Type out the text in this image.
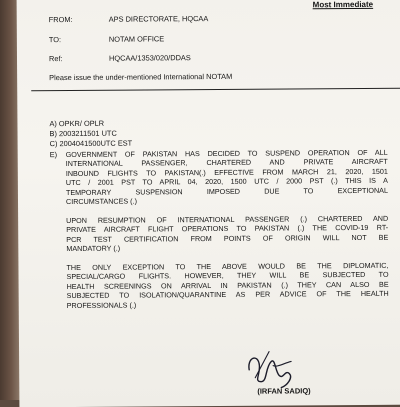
Most Immediate
FROM:	APS DIRECTORATE, HQCAA
TO:	NOTAM OFFICE
Ref:	HQCAA/1353/020/DDAS
Please issue the under-mentioned International NOTAM
A) OPKR/ OPLR
B) 2003211501 UTC
C) 2004041500UTC EST
E) GOVERNMENT OF PAKISTAN HAS DECIDED TO SUSPEND OPERATION OF ALL
INTERNATIONAL PASSENGER, CHARTERED AND PRIVATE AIRCRAFT
INBOUND FLIGHTS TO PAKISTAN(.) EFFECTIVE FROM MARCH 21, 2020, 1501
UTC / 2001 PST TO APRIL 04, 2020, 1500 UTC / 2000 PST (.) THIS IS A
TEMPORARY SUSPENSION IMPOSED DUE TO EXCEPTIONAL
CIRCUMSTANCES (.)
UPON RESUMPTION OF INTERNATIONAL PASSENGER (.) CHARTERED AND
PRIVATE AIRCRAFT FLIGHT OPERATIONS TO PAKISTAN (.) THE COVID-19 RT-
PCR TEST CERTIFICATION FROM POINTS OF ORIGIN WILL NOT BE
MANDATORY (.)
THE ONLY EXCEPTION TO THE ABOVE WOULD BE THE DIPLOMATIC,
SPECIAL/CARGO FLIGHTS. HOWEVER, THEY WILL BE SUBJECTED TO
HEALTH SCREENINGS ON ARRIVAL IN PAKISTAN (.) THEY CAN ALSO BE
SUBJECTED TO ISOLATION/QUARANTINE AS PER ADVICE OF THE HEALTH
PROFESSIONALS (.)
(IRFAN SADIQ)
